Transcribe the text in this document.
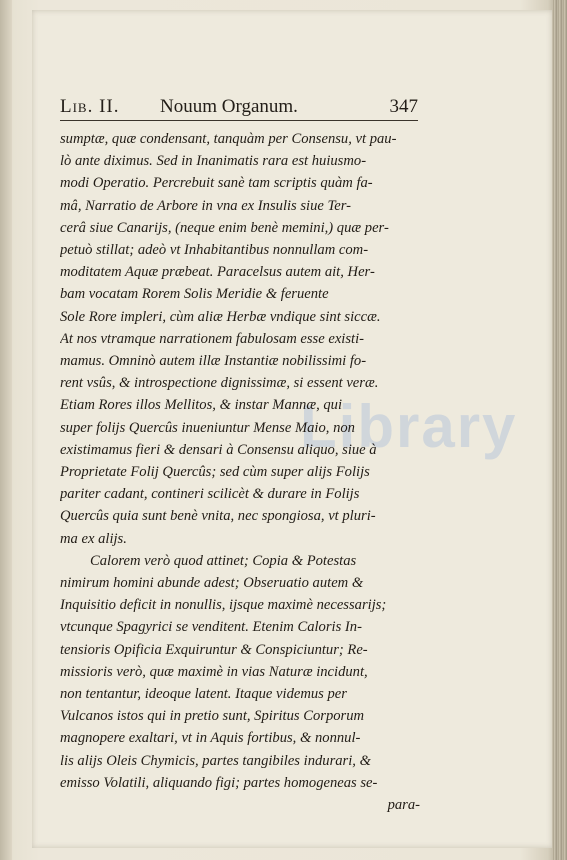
Library
Lib. II. Nouum Organum.	347
sumptæ, quæ condensant, tanquàm per Consensu, vt pau-
lò ante diximus. Sed in Inanimatis rara est huiusmo-
modi Operatio. Percrebuit sanè tam scriptis quàm fa-
mâ, Narratio de Arbore in vna ex Insulis siue Ter-
cerâ siue Canarijs, (neque enim benè memini,) quæ per-
petuò stillat; adeò vt Inhabitantibus nonnullam com-
moditatem Aquæ præbeat. Paracelsus autem ait, Her-
bam vocatam Rorem Solis Meridie & feruente
Sole Rore impleri, cùm aliæ Herbæ vndique sint siccæ.
At nos vtramque narrationem fabulosam esse existi-
mamus. Omninò autem illæ Instantiæ nobilissimi fo-
rent vsûs, & introspectione dignissimæ, si essent veræ.
Etiam Rores illos Mellitos, & instar Mannæ, qui
super folijs Quercûs inueniuntur Mense Maio, non
existimamus fieri & densari à Consensu aliquo, siue à
Proprietate Folij Quercûs; sed cùm super alijs Folijs
pariter cadant, contineri scilicèt & durare in Folijs
Quercûs quia sunt benè vnita, nec spongiosa, vt pluri-
ma ex alijs.
Calorem verò quod attinet; Copia & Potestas
nimirum homini abunde adest; Obseruatio autem &
Inquisitio deficit in nonullis, ijsque maximè necessarijs;
vtcunque Spagyrici se venditent. Etenim Caloris In-
tensioris Opificia Exquiruntur & Conspiciuntur; Re-
missioris verò, quæ maximè in vias Naturæ incidunt,
non tentantur, ideoque latent. Itaque videmus per
Vulcanos istos qui in pretio sunt, Spiritus Corporum
magnopere exaltari, vt in Aquis fortibus, & nonnul-
lis alijs Oleis Chymicis, partes tangibiles indurari, &
emisso Volatili, aliquando figi; partes homogeneas se-
para-
